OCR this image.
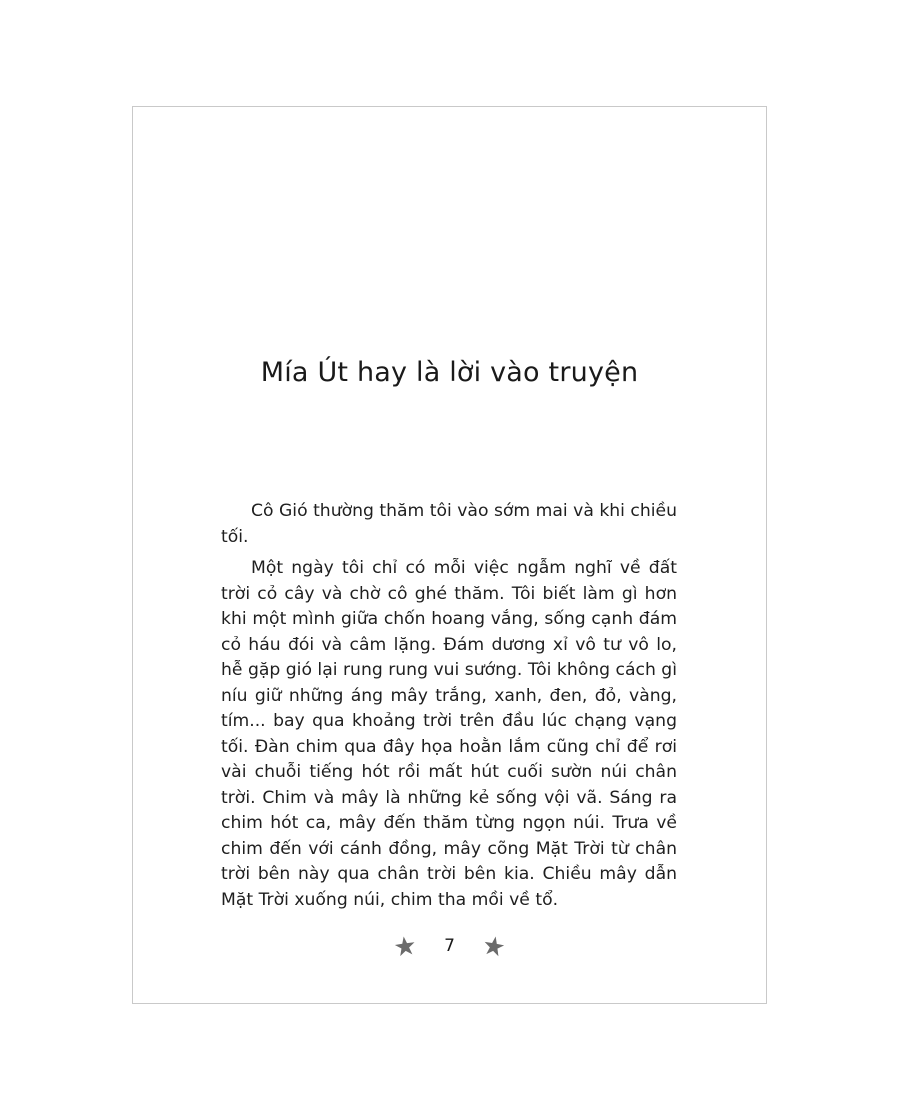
Mía Út hay là lời vào truyện

Cô Gió thường thăm tôi vào sớm mai và khi chiều tối.

Một ngày tôi chỉ có mỗi việc ngẫm nghĩ về đất trời cỏ cây và chờ cô ghé thăm. Tôi biết làm gì hơn khi một mình giữa chốn hoang vắng, sống cạnh đám cỏ háu đói và câm lặng. Đám dương xỉ vô tư vô lo, hễ gặp gió lại rung rung vui sướng. Tôi không cách gì níu giữ những áng mây trắng, xanh, đen, đỏ, vàng, tím... bay qua khoảng trời trên đầu lúc chạng vạng tối. Đàn chim qua đây họa hoằn lắm cũng chỉ để rơi vài chuỗi tiếng hót rồi mất hút cuối sườn núi chân trời. Chim và mây là những kẻ sống vội vã. Sáng ra chim hót ca, mây đến thăm từng ngọn núi. Trưa về chim đến với cánh đồng, mây cõng Mặt Trời từ chân trời bên này qua chân trời bên kia. Chiều mây dẫn Mặt Trời xuống núi, chim tha mồi về tổ.

7
